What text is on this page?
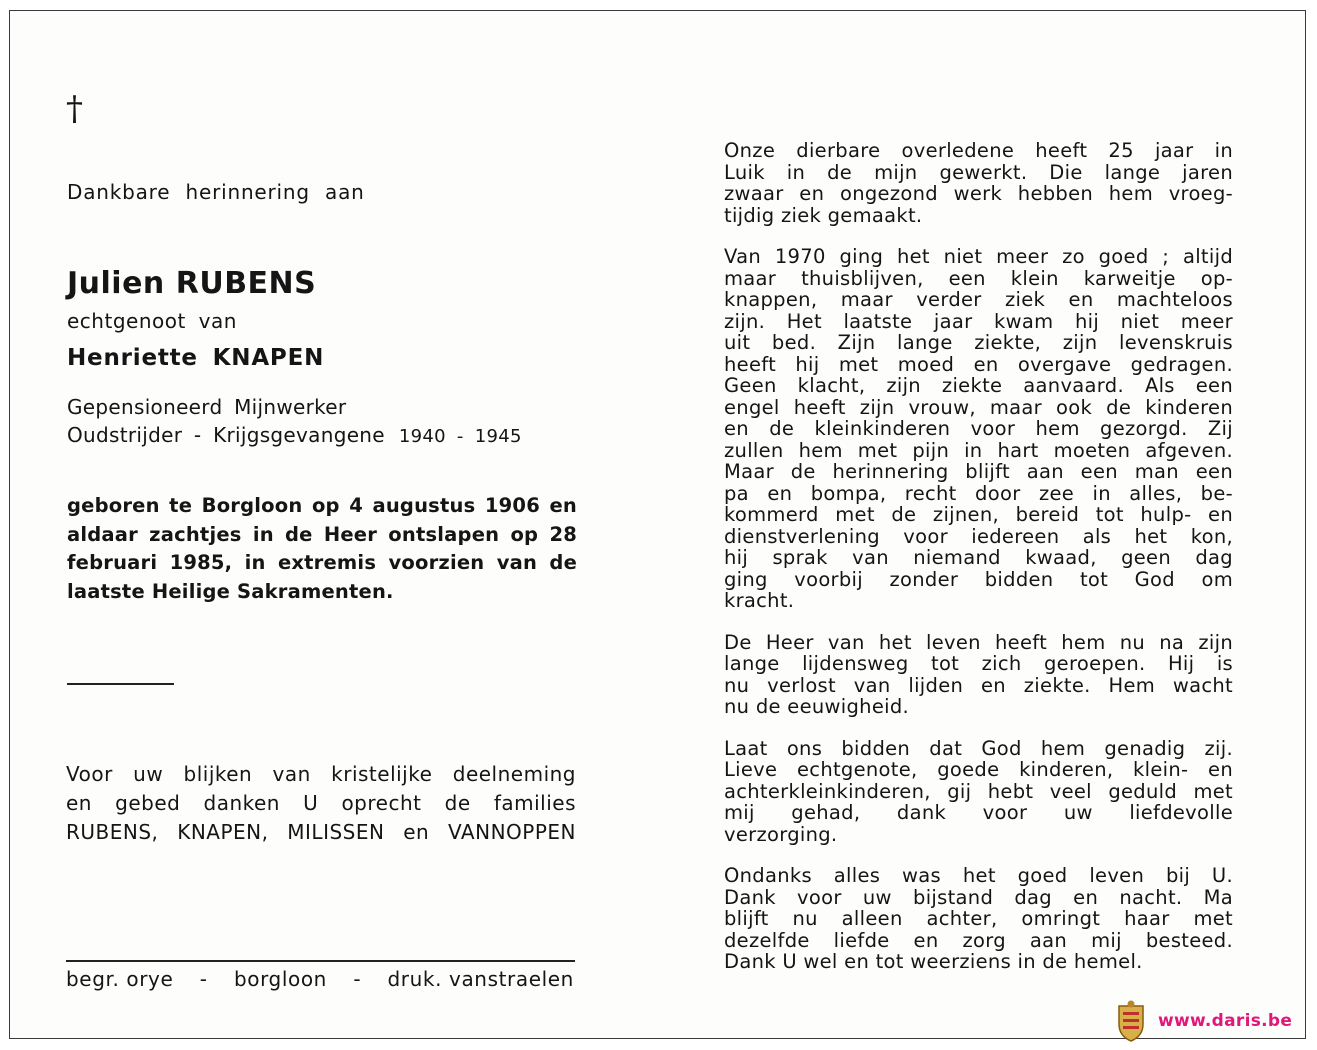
†
Dankbare herinnering aan
Julien RUBENS
echtgenoot van
Henriette KNAPEN
Gepensioneerd Mijnwerker
Oudstrijder - Krijgsgevangene 1940 - 1945
geboren te Borgloon op 4 augustus 1906 en
aldaar zachtjes in de Heer ontslapen op 28
februari 1985, in extremis voorzien van de
laatste Heilige Sakramenten.
Voor uw blijken van kristelijke deelneming
en gebed danken U oprecht de families
RUBENS, KNAPEN, MILISSEN en VANNOPPEN
begr. orye - borgloon - druk. vanstraelen
Onze dierbare overledene heeft 25 jaar in
Luik in de mijn gewerkt. Die lange jaren
zwaar en ongezond werk hebben hem vroeg-
tijdig ziek gemaakt.
Van 1970 ging het niet meer zo goed ; altijd
maar thuisblijven, een klein karweitje op-
knappen, maar verder ziek en machteloos
zijn. Het laatste jaar kwam hij niet meer
uit bed. Zijn lange ziekte, zijn levenskruis
heeft hij met moed en overgave gedragen.
Geen klacht, zijn ziekte aanvaard. Als een
engel heeft zijn vrouw, maar ook de kinderen
en de kleinkinderen voor hem gezorgd. Zij
zullen hem met pijn in hart moeten afgeven.
Maar de herinnering blijft aan een man een
pa en bompa, recht door zee in alles, be-
kommerd met de zijnen, bereid tot hulp- en
dienstverlening voor iedereen als het kon,
hij sprak van niemand kwaad, geen dag
ging voorbij zonder bidden tot God om
kracht.
De Heer van het leven heeft hem nu na zijn
lange lijdensweg tot zich geroepen. Hij is
nu verlost van lijden en ziekte. Hem wacht
nu de eeuwigheid.
Laat ons bidden dat God hem genadig zij.
Lieve echtgenote, goede kinderen, klein- en
achterkleinkinderen, gij hebt veel geduld met
mij gehad, dank voor uw liefdevolle
verzorging.
Ondanks alles was het goed leven bij U.
Dank voor uw bijstand dag en nacht. Ma
blijft nu alleen achter, omringt haar met
dezelfde liefde en zorg aan mij besteed.
Dank U wel en tot weerziens in de hemel.
www.daris.be
